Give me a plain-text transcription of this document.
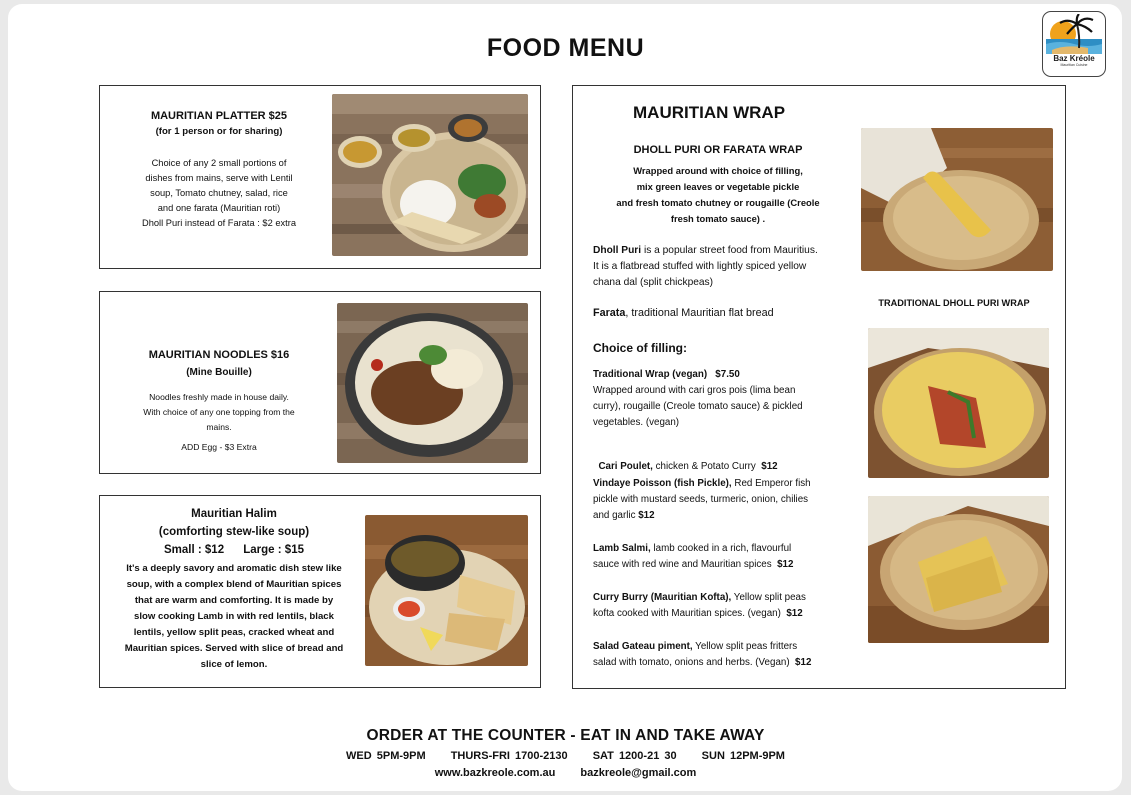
FOOD MENU	Baz Kréole
Mauritian Cuisine
MAURITIAN PLATTER $25
(for 1 person or for sharing)
Choice of any 2 small portions of
dishes from mains, serve with Lentil
soup, Tomato chutney, salad, rice
and one farata (Mauritian roti)
Dholl Puri instead of Farata : $2 extra
MAURITIAN NOODLES $16
(Mine Bouille)
Noodles freshly made in house daily.
With choice of any one topping from the
mains.
ADD Egg - $3 Extra
Mauritian Halim
(comforting stew-like soup)
Small : $12      Large : $15
It's a deeply savory and aromatic dish stew like
soup, with a complex blend of Mauritian spices
that are warm and comforting. It is made by
slow cooking Lamb in with red lentils, black
lentils, yellow split peas, cracked wheat and
Mauritian spices. Served with slice of bread and
slice of lemon.
MAURITIAN WRAP
DHOLL PURI OR FARATA WRAP
Wrapped around with choice of filling,
mix green leaves or vegetable pickle
and fresh tomato chutney or rougaille (Creole
fresh tomato sauce) .
Dholl Puri is a popular street food from Mauritius.
It is a flatbread stuffed with lightly spiced yellow
chana dal (split chickpeas)
Farata, traditional Mauritian flat bread
Choice of filling:
Traditional Wrap (vegan)   $7.50
Wrapped around with cari gros pois (lima bean
curry), rougaille (Creole tomato sauce) & pickled
vegetables. (vegan)

Cari Poulet, chicken & Potato Curry  $12

Vindaye Poisson (fish Pickle), Red Emperor fish
pickle with mustard seeds, turmeric, onion, chilies
and garlic $12
Lamb Salmi, lamb cooked in a rich, flavourful
sauce with red wine and Mauritian spices  $12
Curry Burry (Mauritian Kofta), Yellow split peas
kofta cooked with Mauritian spices. (vegan)  $12
Salad Gateau piment, Yellow split peas fritters
salad with tomato, onions and herbs. (Vegan)  $12
TRADITIONAL DHOLL PURI WRAP
ORDER AT THE COUNTER - EAT IN AND TAKE AWAY
WED 5PM-9PM THURS-FRI 1700-2130 SAT 1200-21 30 SUN 12PM-9PM
www.bazkreole.com.au bazkreole@gmail.com
